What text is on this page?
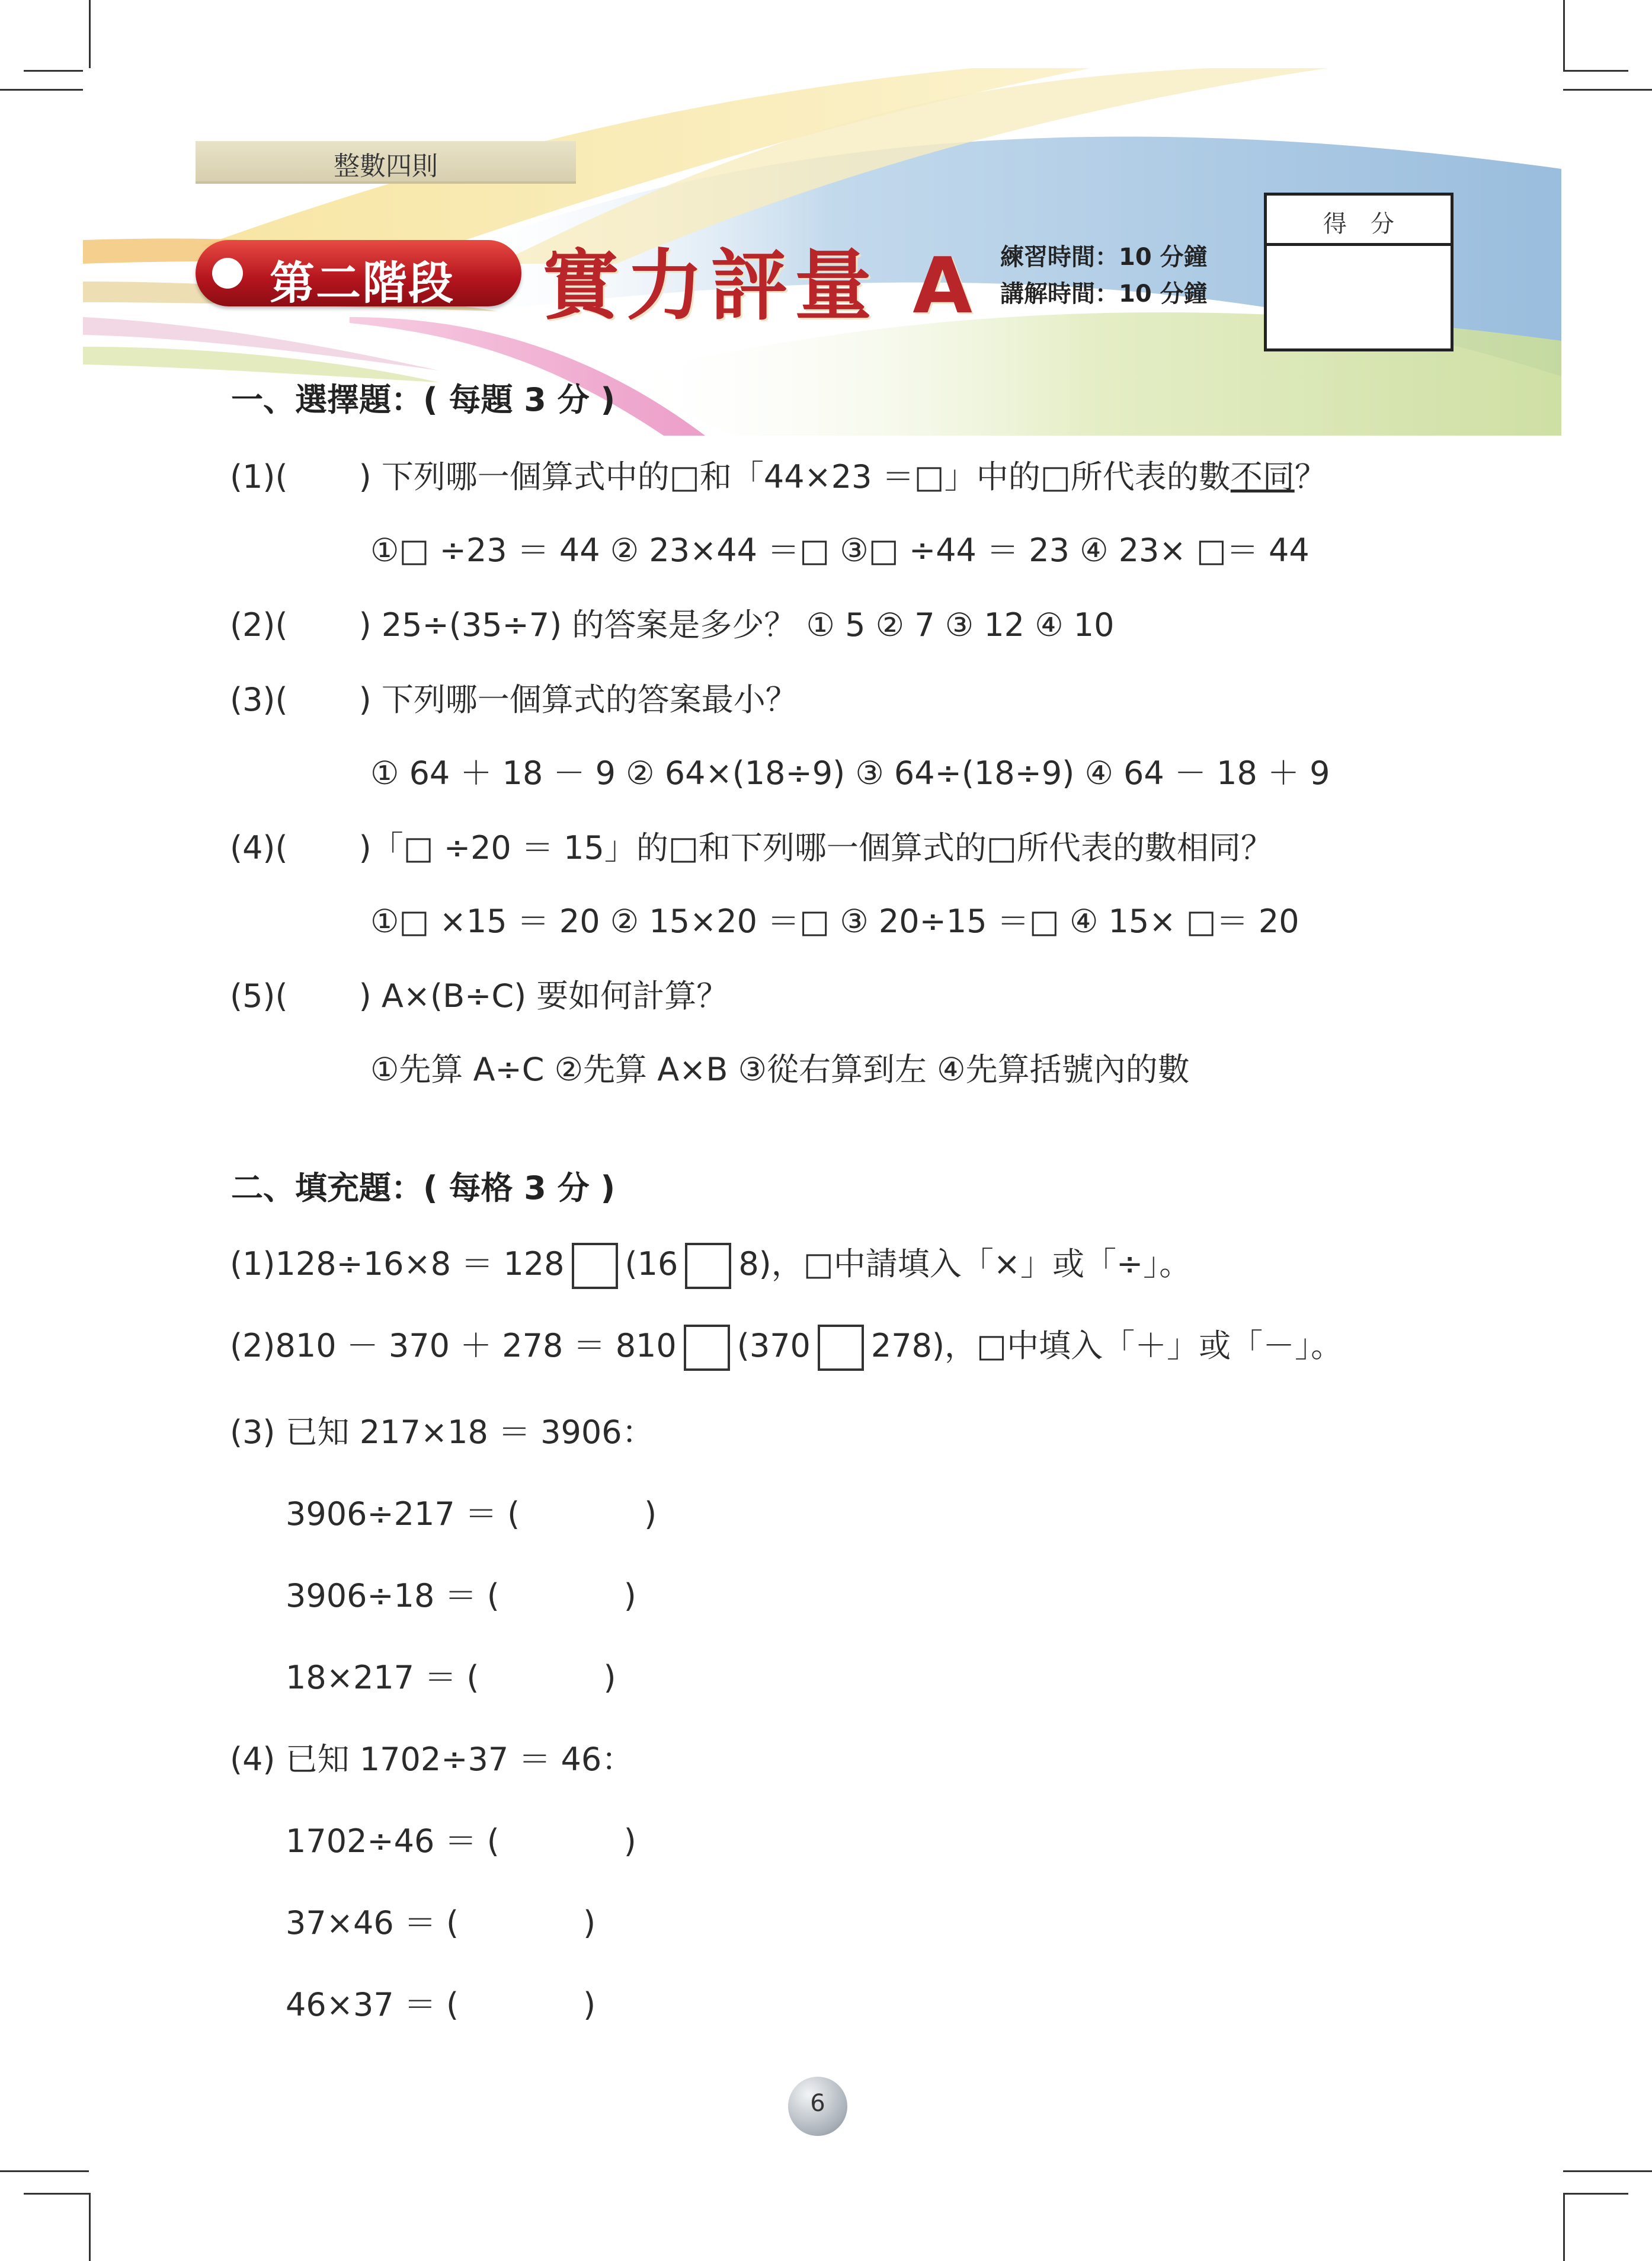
整數四則
第二階段 實力評量 A 練習時間：10 分鐘
講解時間：10 分鐘
得分
一、選擇題：( 每題 3 分 )
(1)( ) 下列哪一個算式中的□和「44×23 ＝□」中的□所代表的數不同？
①□ ÷23 ＝ 44 ② 23×44 ＝□ ③□ ÷44 ＝ 23 ④ 23× □＝ 44
(2)( ) 25÷(35÷7) 的答案是多少？ ① 5 ② 7 ③ 12 ④ 10
(3)( ) 下列哪一個算式的答案最小？
① 64 ＋ 18 － 9 ② 64×(18÷9) ③ 64÷(18÷9) ④ 64 － 18 ＋ 9
(4)( )「□ ÷20 ＝ 15」的□和下列哪一個算式的□所代表的數相同？
①□ ×15 ＝ 20 ② 15×20 ＝□ ③ 20÷15 ＝□ ④ 15× □＝ 20
(5)( ) A×(B÷C) 要如何計算？
①先算 A÷C ②先算 A×B ③從右算到左 ④先算括號內的數
二、填充題：( 每格 3 分 )
(1)128÷16×8 ＝ 128 (16 8)，□中請填入「×」或「÷」。
(2)810 － 370 ＋ 278 ＝ 810 (370 278)，□中填入「＋」或「－」。
(3) 已知 217×18 ＝ 3906：
3906÷217 ＝ (	)
3906÷18 ＝ (	)
18×217 ＝ (	)
(4) 已知 1702÷37 ＝ 46：
1702÷46 ＝ (	)
37×46 ＝ (	)
46×37 ＝ (	)
6
